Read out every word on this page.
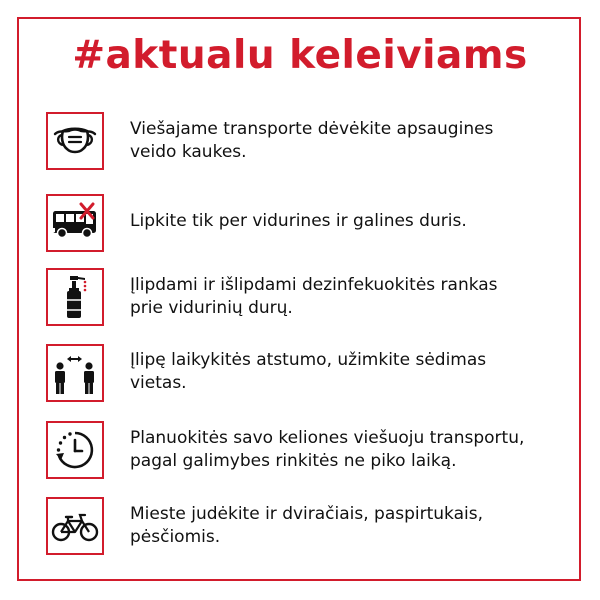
#aktualu keleiviams
Viešajame transporte dėvėkite apsaugines
veido kaukes.
Lipkite tik per vidurines ir galines duris.
Įlipdami ir išlipdami dezinfekuokitės rankas
prie vidurinių durų.
Įlipę laikykitės atstumo, užimkite sėdimas
vietas.
Planuokitės savo keliones viešuoju transportu,
pagal galimybes rinkitės ne piko laiką.
Mieste judėkite ir dviračiais, paspirtukais,
pėsčiomis.
